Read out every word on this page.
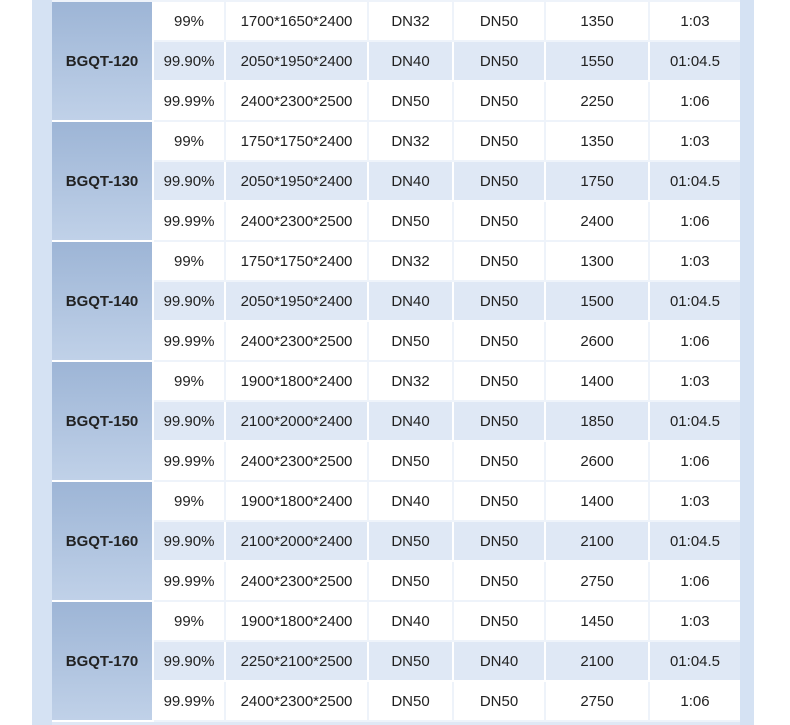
BGQT-120	99%	1700*1650*2400	DN32	DN50	1350	1:03
	99.90%	2050*1950*2400	DN40	DN50	1550	01:04.5
	99.99%	2400*2300*2500	DN50	DN50	2250	1:06
BGQT-130	99%	1750*1750*2400	DN32	DN50	1350	1:03
	99.90%	2050*1950*2400	DN40	DN50	1750	01:04.5
	99.99%	2400*2300*2500	DN50	DN50	2400	1:06
BGQT-140	99%	1750*1750*2400	DN32	DN50	1300	1:03
	99.90%	2050*1950*2400	DN40	DN50	1500	01:04.5
	99.99%	2400*2300*2500	DN50	DN50	2600	1:06
BGQT-150	99%	1900*1800*2400	DN32	DN50	1400	1:03
	99.90%	2100*2000*2400	DN40	DN50	1850	01:04.5
	99.99%	2400*2300*2500	DN50	DN50	2600	1:06
BGQT-160	99%	1900*1800*2400	DN40	DN50	1400	1:03
	99.90%	2100*2000*2400	DN50	DN50	2100	01:04.5
	99.99%	2400*2300*2500	DN50	DN50	2750	1:06
BGQT-170	99%	1900*1800*2400	DN40	DN50	1450	1:03
	99.90%	2250*2100*2500	DN50	DN40	2100	01:04.5
	99.99%	2400*2300*2500	DN50	DN50	2750	1:06
